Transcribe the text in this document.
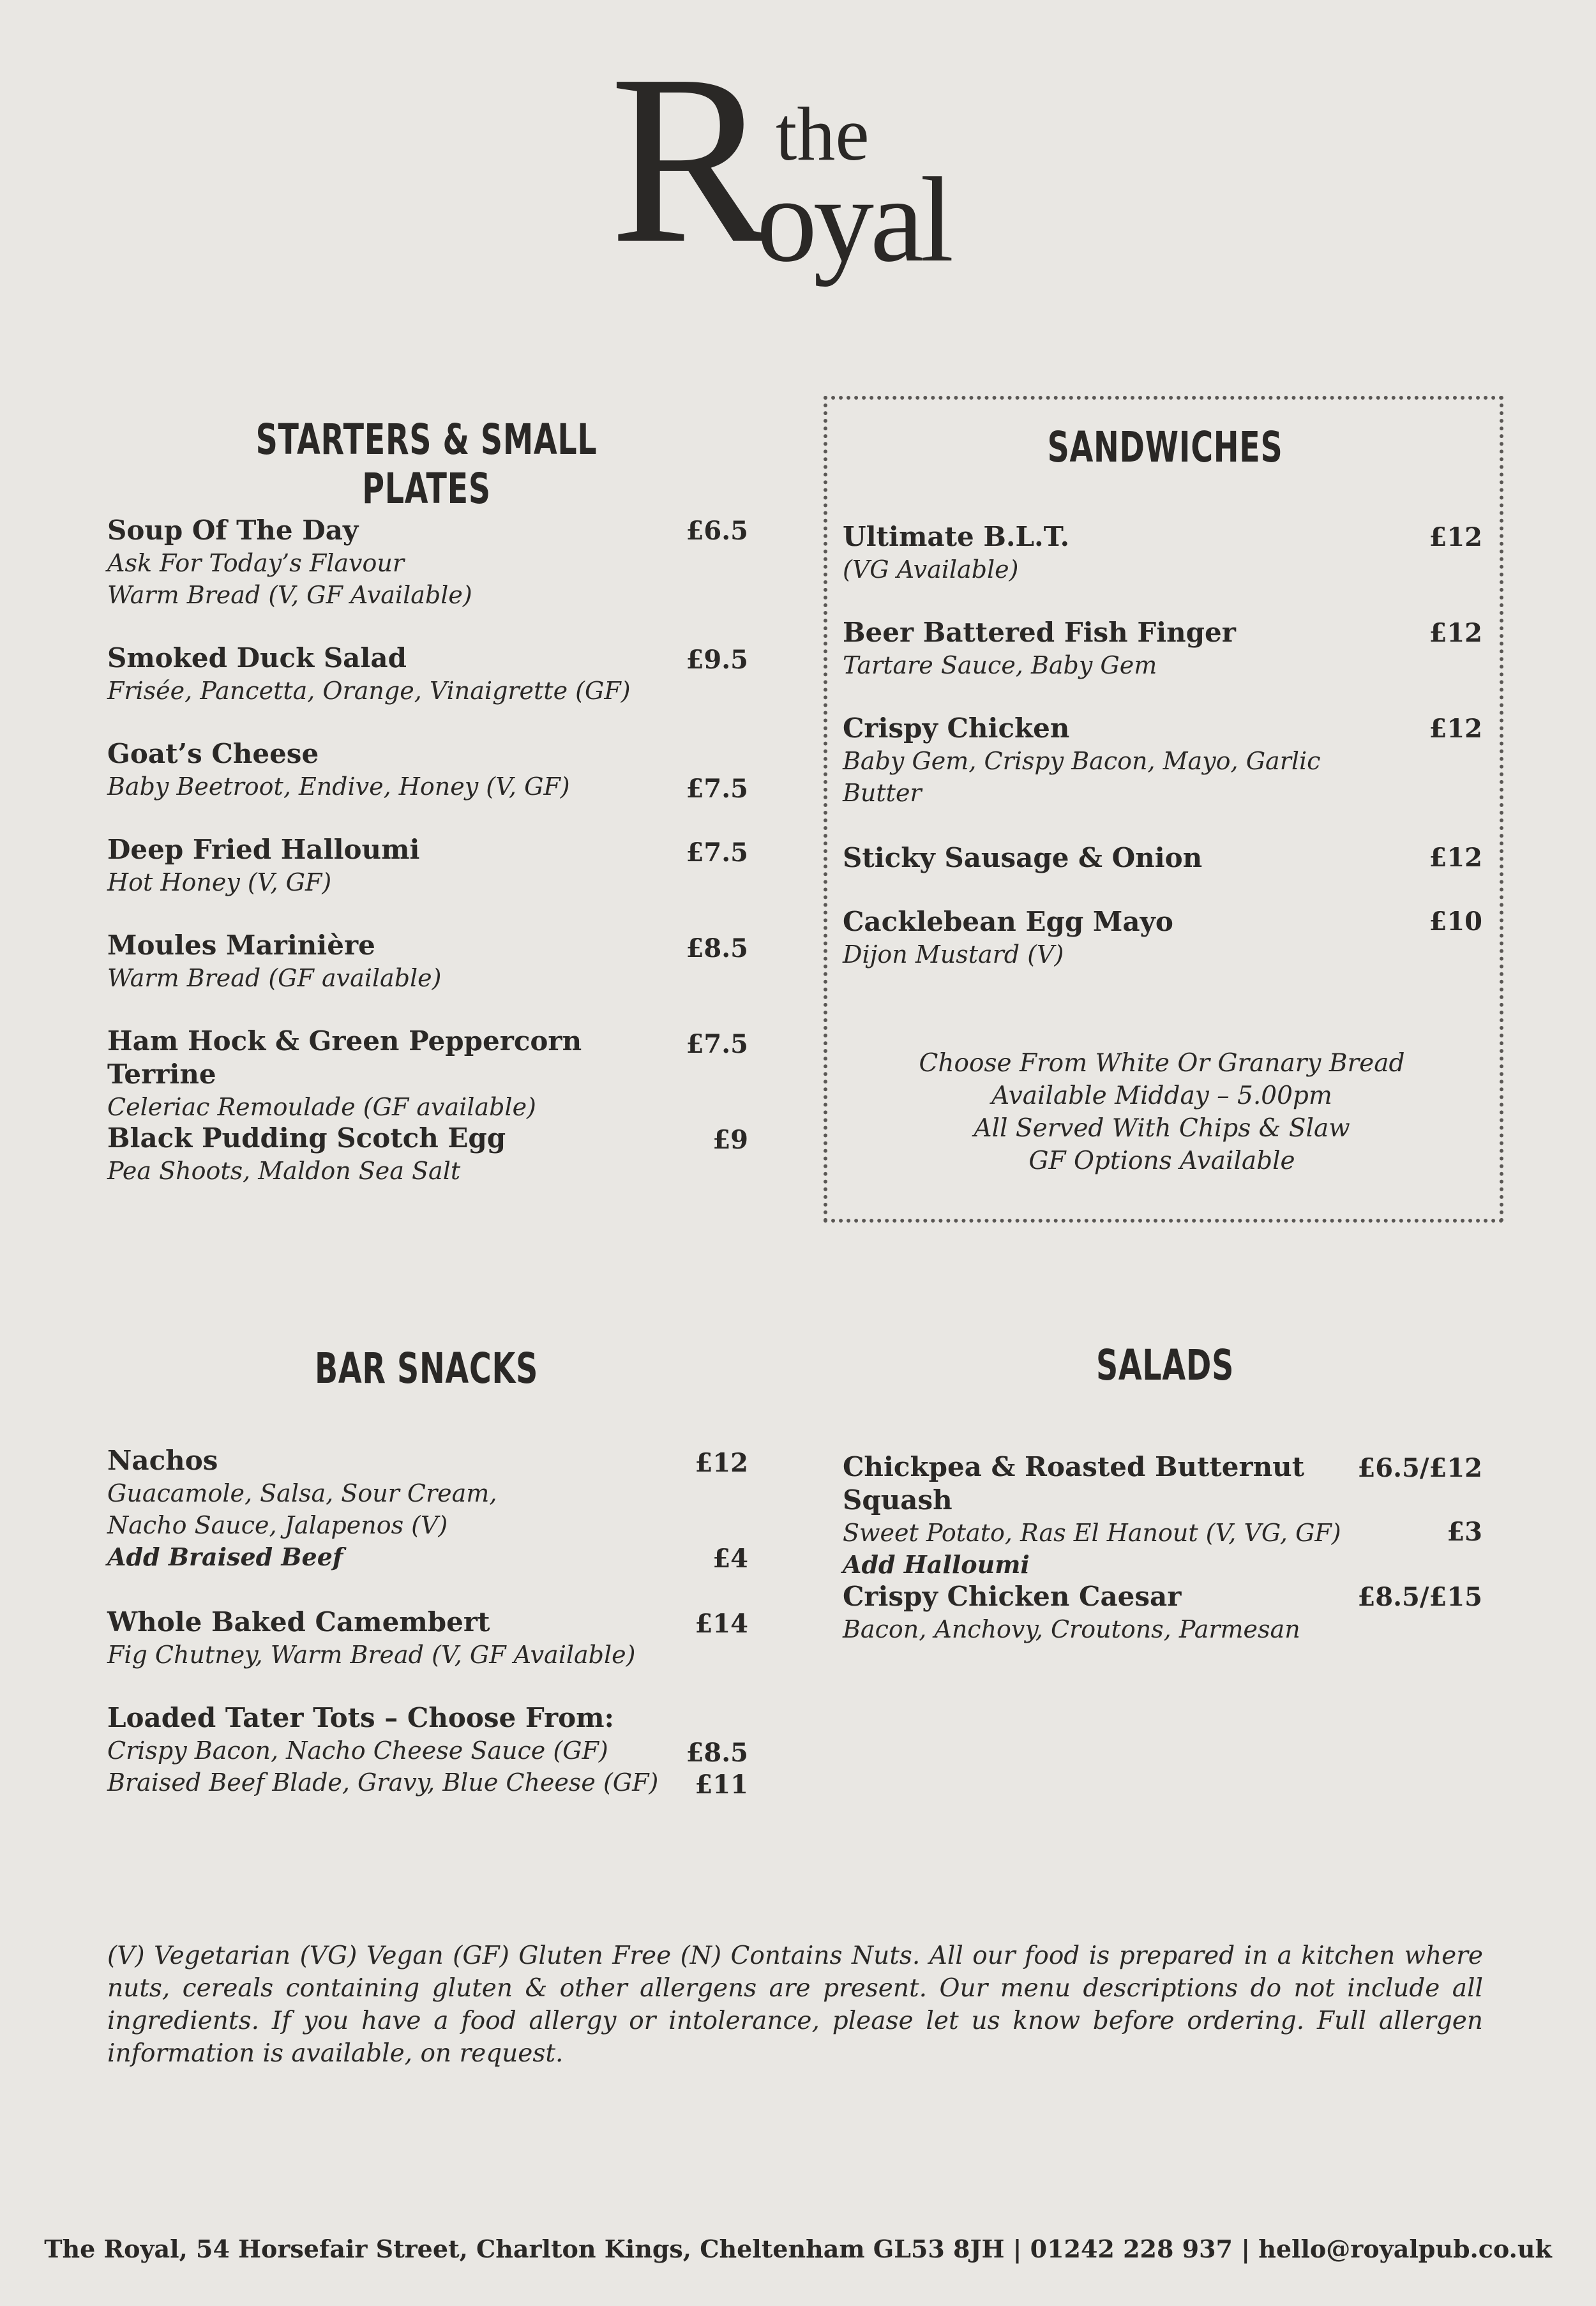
R the
oyal
STARTERS & SMALL PLATES
Soup Of The Day
Ask For Today’s Flavour
Warm Bread (V, GF Available)
£6.5
Smoked Duck Salad
Frisée, Pancetta, Orange, Vinaigrette (GF)
£9.5
Goat’s Cheese
Baby Beetroot, Endive, Honey (V, GF)	£7.5
Deep Fried Halloumi
Hot Honey (V, GF)
£7.5
Moules Marinière
Warm Bread (GF available)
£8.5
Ham Hock & Green Peppercorn Terrine
Celeriac Remoulade (GF available)
£7.5
Black Pudding Scotch Egg
Pea Shoots, Maldon Sea Salt
£9
SANDWICHES
Ultimate B.L.T.
(VG Available)
£12
Beer Battered Fish Finger
Tartare Sauce, Baby Gem
£12
Crispy Chicken
Baby Gem, Crispy Bacon, Mayo, Garlic
Butter
£12
Sticky Sausage & Onion	£12
Cacklebean Egg Mayo
Dijon Mustard (V)
£10
Choose From White Or Granary Bread
Available Midday – 5.00pm
All Served With Chips & Slaw
GF Options Available
BAR SNACKS
Nachos
Guacamole, Salsa, Sour Cream,
Nacho Sauce, Jalapenos (V)
Add Braised Beef
£12
£4
Whole Baked Camembert
Fig Chutney, Warm Bread (V, GF Available)
£14
Loaded Tater Tots – Choose From:
Crispy Bacon, Nacho Cheese Sauce (GF)
Braised Beef Blade, Gravy, Blue Cheese (GF)
£8.5
£11
SALADS
Chickpea & Roasted Butternut Squash
Sweet Potato, Ras El Hanout (V, VG, GF)
Add Halloumi
£6.5/£12
£3
Crispy Chicken Caesar
Bacon, Anchovy, Croutons, Parmesan
£8.5/£15
(V) Vegetarian (VG) Vegan (GF) Gluten Free (N) Contains Nuts. All our food is prepared in a kitchen where nuts, cereals containing gluten & other allergens are present. Our menu descriptions do not include all ingredients. If you have a food allergy or intolerance, please let us know before ordering. Full allergen information is available, on request.
The Royal, 54 Horsefair Street, Charlton Kings, Cheltenham GL53 8JH | 01242 228 937 | hello@royalpub.co.uk
